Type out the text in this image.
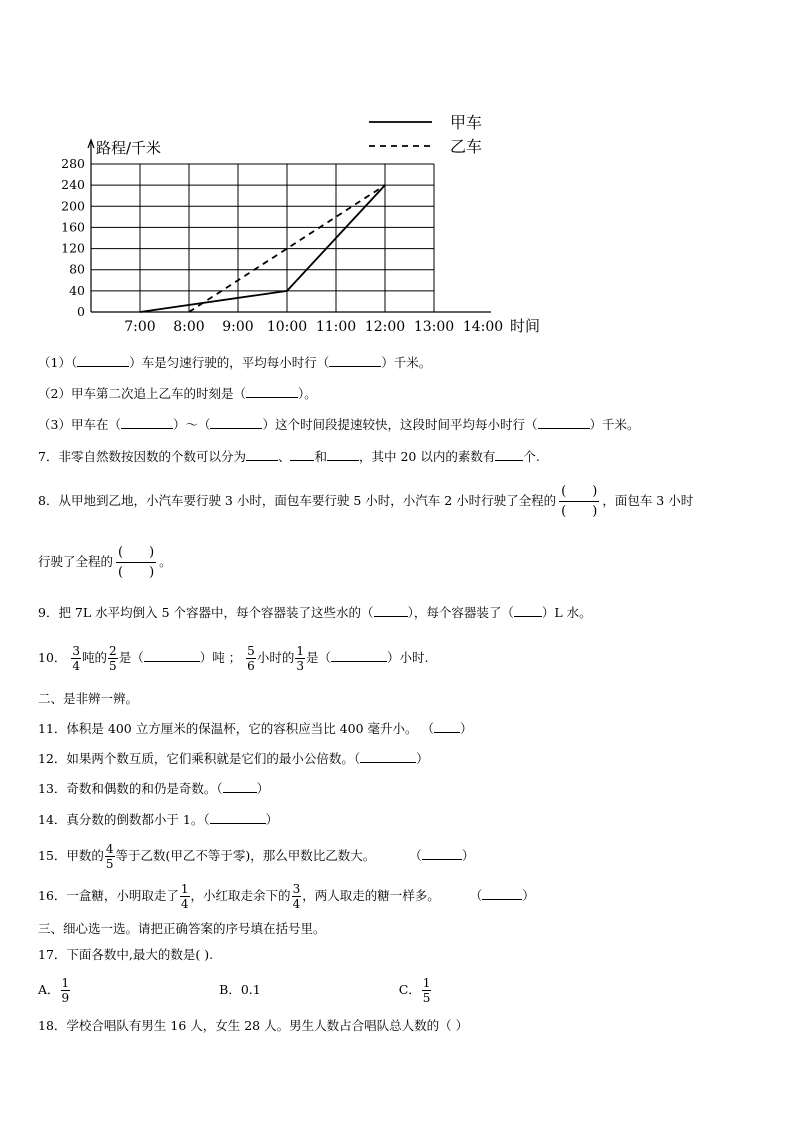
0
40
80
120
160
200
240
280
7:00 8:00 9:00 10:00 11:00 12:00 13:00 14:00
甲车
乙车
路程/千米
时间
（1）（	）车是匀速行驶的，平均每小时行（	）千米。
（2）甲车第二次追上乙车的时刻是（	）。
（3）甲车在（	）～（	）这个时间段提速较快，这段时间平均每小时行（	）千米。
7．非零自然数按因数的个数可以分为	、 和	，其中 20 以内的素数有 个.
8．从甲地到乙地，小汽车要行驶 3 小时，面包车要行驶 5 小时，小汽车 2 小时行驶了全程的
(　　)
(　　)
，面包车 3 小时
行驶了全程的
(　　)
(　　)
。
9．把 7L 水平均倒入 5 个容器中，每个容器装了这些水的（	），每个容器装了（ ）L 水。
10． $\frac{3}{4}$ 吨的 $\frac{2}{5}$ 是（	）吨 ； $\frac{5}{6}$ 小时的 $\frac{1}{3}$ 是（	）小时.
二、是非辨一辨。
11．体积是 400 立方厘米的保温杯，它的容积应当比 400 毫升小。 （ ）
12．如果两个数互质，它们乘积就是它们的最小公倍数。（	）
13．奇数和偶数的和仍是奇数。（	）
14．真分数的倒数都小于 1。（	）
15．甲数的 $\frac{4}{5}$ 等于乙数(甲乙不等于零)，那么甲数比乙数大。	（	）
16．一盒糖，小明取走了 $\frac{1}{4}$ ，小红取走余下的 $\frac{3}{4}$ ，两人取走的糖一样多。 （	）
三、细心选一选。请把正确答案的序号填在括号里。
17．下面各数中,最大的数是( ).
A． $\frac{1}{9}$	B．0.1	C． $\frac{1}{5}$
18．学校合唱队有男生 16 人，女生 28 人。男生人数占合唱队总人数的（ ）
